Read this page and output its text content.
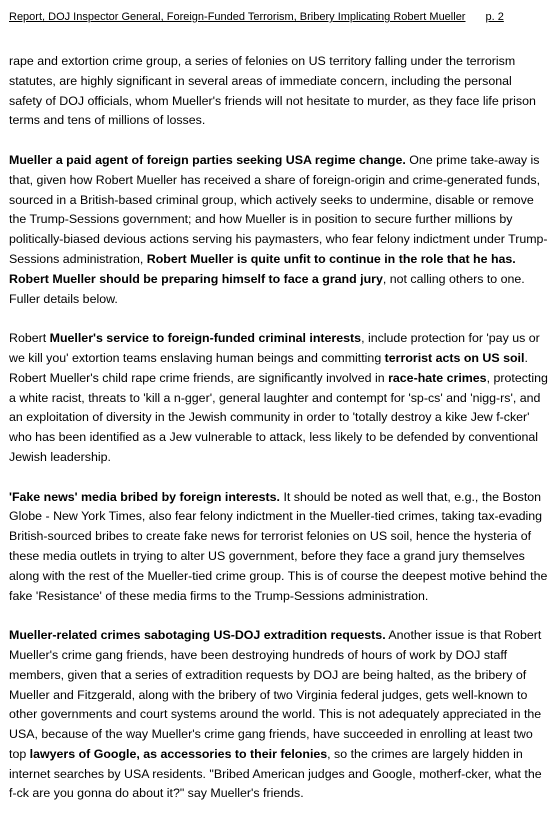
Report, DOJ Inspector General, Foreign-Funded Terrorism, Bribery Implicating Robert Mueller p. 2

rape and extortion crime group, a series of felonies on US territory falling under the terrorism statutes, are highly significant in several areas of immediate concern, including the personal safety of DOJ officials, whom Mueller's friends will not hesitate to murder, as they face life prison terms and tens of millions of losses.

Mueller a paid agent of foreign parties seeking USA regime change. One prime take-away is that, given how Robert Mueller has received a share of foreign-origin and crime-generated funds, sourced in a British-based criminal group, which actively seeks to undermine, disable or remove the Trump-Sessions government; and how Mueller is in position to secure further millions by politically-biased devious actions serving his paymasters, who fear felony indictment under Trump-Sessions administration, Robert Mueller is quite unfit to continue in the role that he has. Robert Mueller should be preparing himself to face a grand jury, not calling others to one. Fuller details below.

Robert Mueller's service to foreign-funded criminal interests, include protection for 'pay us or we kill you' extortion teams enslaving human beings and committing terrorist acts on US soil. Robert Mueller's child rape crime friends, are significantly involved in race-hate crimes, protecting a white racist, threats to 'kill a n-gger', general laughter and contempt for 'sp-cs' and 'nigg-rs', and an exploitation of diversity in the Jewish community in order to 'totally destroy a kike Jew f-cker' who has been identified as a Jew vulnerable to attack, less likely to be defended by conventional Jewish leadership.

'Fake news' media bribed by foreign interests. It should be noted as well that, e.g., the Boston Globe - New York Times, also fear felony indictment in the Mueller-tied crimes, taking tax-evading British-sourced bribes to create fake news for terrorist felonies on US soil, hence the hysteria of these media outlets in trying to alter US government, before they face a grand jury themselves along with the rest of the Mueller-tied crime group. This is of course the deepest motive behind the fake 'Resistance' of these media firms to the Trump-Sessions administration.

Mueller-related crimes sabotaging US-DOJ extradition requests. Another issue is that Robert Mueller's crime gang friends, have been destroying hundreds of hours of work by DOJ staff members, given that a series of extradition requests by DOJ are being halted, as the bribery of Mueller and Fitzgerald, along with the bribery of two Virginia federal judges, gets well-known to other governments and court systems around the world. This is not adequately appreciated in the USA, because of the way Mueller's crime gang friends, have succeeded in enrolling at least two top lawyers of Google, as accessories to their felonies, so the crimes are largely hidden in internet searches by USA residents. "Bribed American judges and Google, motherf-cker, what the f-ck are you gonna do about it?" say Mueller's friends.
